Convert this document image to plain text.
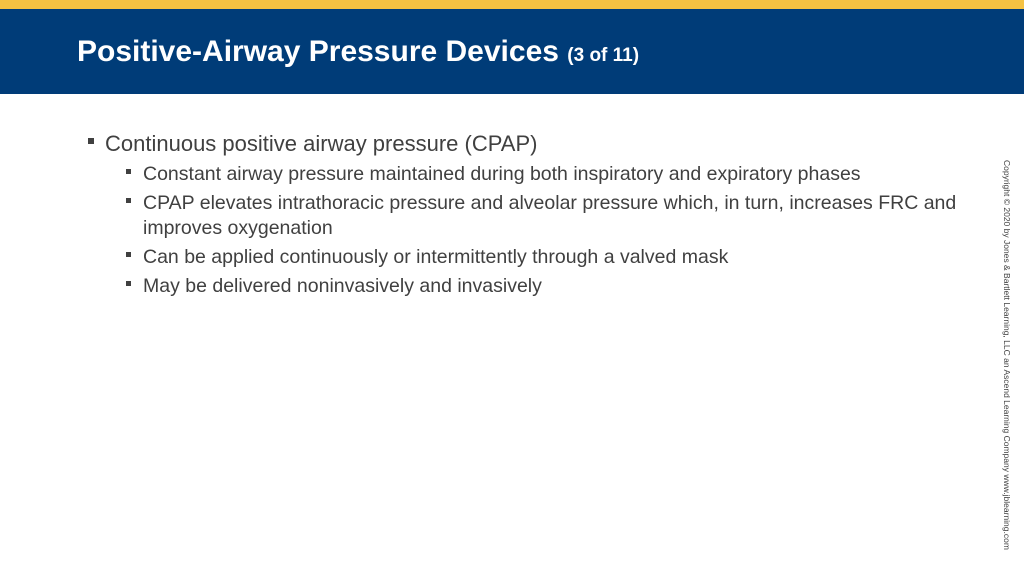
Positive-Airway Pressure Devices (3 of 11)
Continuous positive airway pressure (CPAP)
Constant airway pressure maintained during both inspiratory and expiratory phases
CPAP elevates intrathoracic pressure and alveolar pressure which, in turn, increases FRC and improves oxygenation
Can be applied continuously or intermittently through a valved mask
May be delivered noninvasively and invasively	Copyright © 2020 by Jones & Bartlett Learning, LLC an Ascend Learning Company www.jblearning.com
